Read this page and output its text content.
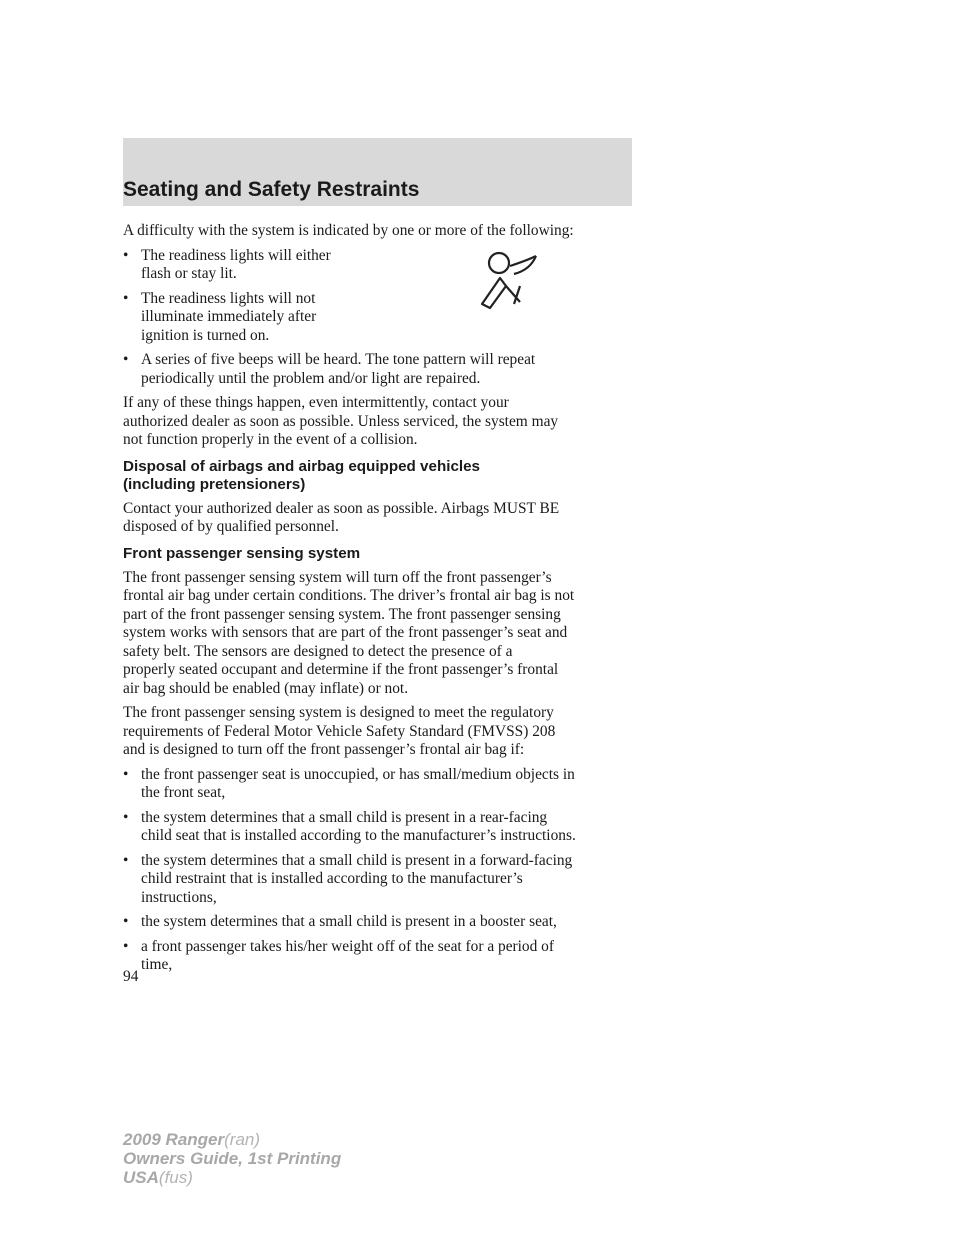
Seating and Safety Restraints

A difficulty with the system is indicated by one or more of the following:

• The readiness lights will either
flash or stay lit.
• The readiness lights will not
illuminate immediately after
ignition is turned on.
• A series of five beeps will be heard. The tone pattern will repeat
periodically until the problem and/or light are repaired.

If any of these things happen, even intermittently, contact your
authorized dealer as soon as possible. Unless serviced, the system may
not function properly in the event of a collision.

Disposal of airbags and airbag equipped vehicles
(including pretensioners)

Contact your authorized dealer as soon as possible. Airbags MUST BE
disposed of by qualified personnel.

Front passenger sensing system

The front passenger sensing system will turn off the front passenger’s
frontal air bag under certain conditions. The driver’s frontal air bag is not
part of the front passenger sensing system. The front passenger sensing
system works with sensors that are part of the front passenger’s seat and
safety belt. The sensors are designed to detect the presence of a
properly seated occupant and determine if the front passenger’s frontal
air bag should be enabled (may inflate) or not.

The front passenger sensing system is designed to meet the regulatory
requirements of Federal Motor Vehicle Safety Standard (FMVSS) 208
and is designed to turn off the front passenger’s frontal air bag if:

• the front passenger seat is unoccupied, or has small/medium objects in
the front seat,
• the system determines that a small child is present in a rear-facing
child seat that is installed according to the manufacturer’s instructions.
• the system determines that a small child is present in a forward-facing
child restraint that is installed according to the manufacturer’s
instructions,
• the system determines that a small child is present in a booster seat,
• a front passenger takes his/her weight off of the seat for a period of
time,
94
2009 Ranger(ran)
Owners Guide, 1st Printing
USA(fus)
